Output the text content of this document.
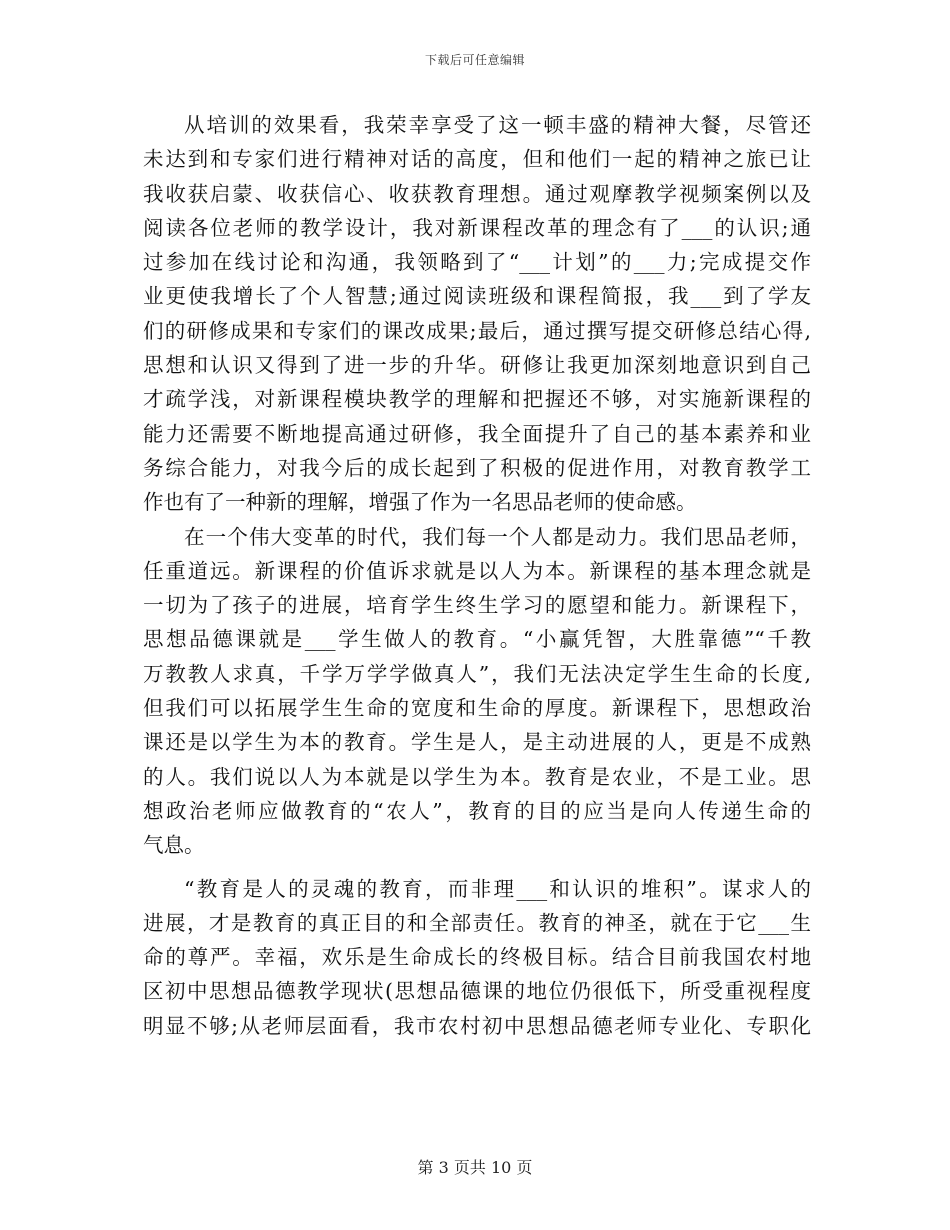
下载后可任意编辑
从培训的效果看，我荣幸享受了这一顿丰盛的精神大餐，尽管还
未达到和专家们进行精神对话的高度，但和他们一起的精神之旅已让
我收获启蒙、收获信心、收获教育理想。通过观摩教学视频案例以及
阅读各位老师的教学设计，我对新课程改革的理念有了___的认识;通
过参加在线讨论和沟通，我领略到了“___计划”的___力;完成提交作
业更使我增长了个人智慧;通过阅读班级和课程简报，我___到了学友
们的研修成果和专家们的课改成果;最后，通过撰写提交研修总结心得,
思想和认识又得到了进一步的升华。研修让我更加深刻地意识到自己
才疏学浅，对新课程模块教学的理解和把握还不够，对实施新课程的
能力还需要不断地提高通过研修，我全面提升了自己的基本素养和业
务综合能力，对我今后的成长起到了积极的促进作用，对教育教学工
作也有了一种新的理解，增强了作为一名思品老师的使命感。
在一个伟大变革的时代，我们每一个人都是动力。我们思品老师，
任重道远。新课程的价值诉求就是以人为本。新课程的基本理念就是
一切为了孩子的进展，培育学生终生学习的愿望和能力。新课程下，
思想品德课就是___学生做人的教育。“小赢凭智，大胜靠德”“千教
万教教人求真，千学万学学做真人”，我们无法决定学生生命的长度,
但我们可以拓展学生生命的宽度和生命的厚度。新课程下，思想政治
课还是以学生为本的教育。学生是人，是主动进展的人，更是不成熟
的人。我们说以人为本就是以学生为本。教育是农业，不是工业。思
想政治老师应做教育的“农人”，教育的目的应当是向人传递生命的
气息。
“教育是人的灵魂的教育，而非理___和认识的堆积”。谋求人的
进展，才是教育的真正目的和全部责任。教育的神圣，就在于它___生
命的尊严。幸福，欢乐是生命成长的终极目标。结合目前我国农村地
区初中思想品德教学现状(思想品德课的地位仍很低下，所受重视程度
明显不够;从老师层面看，我市农村初中思想品德老师专业化、专职化
第 3 页共 10 页
